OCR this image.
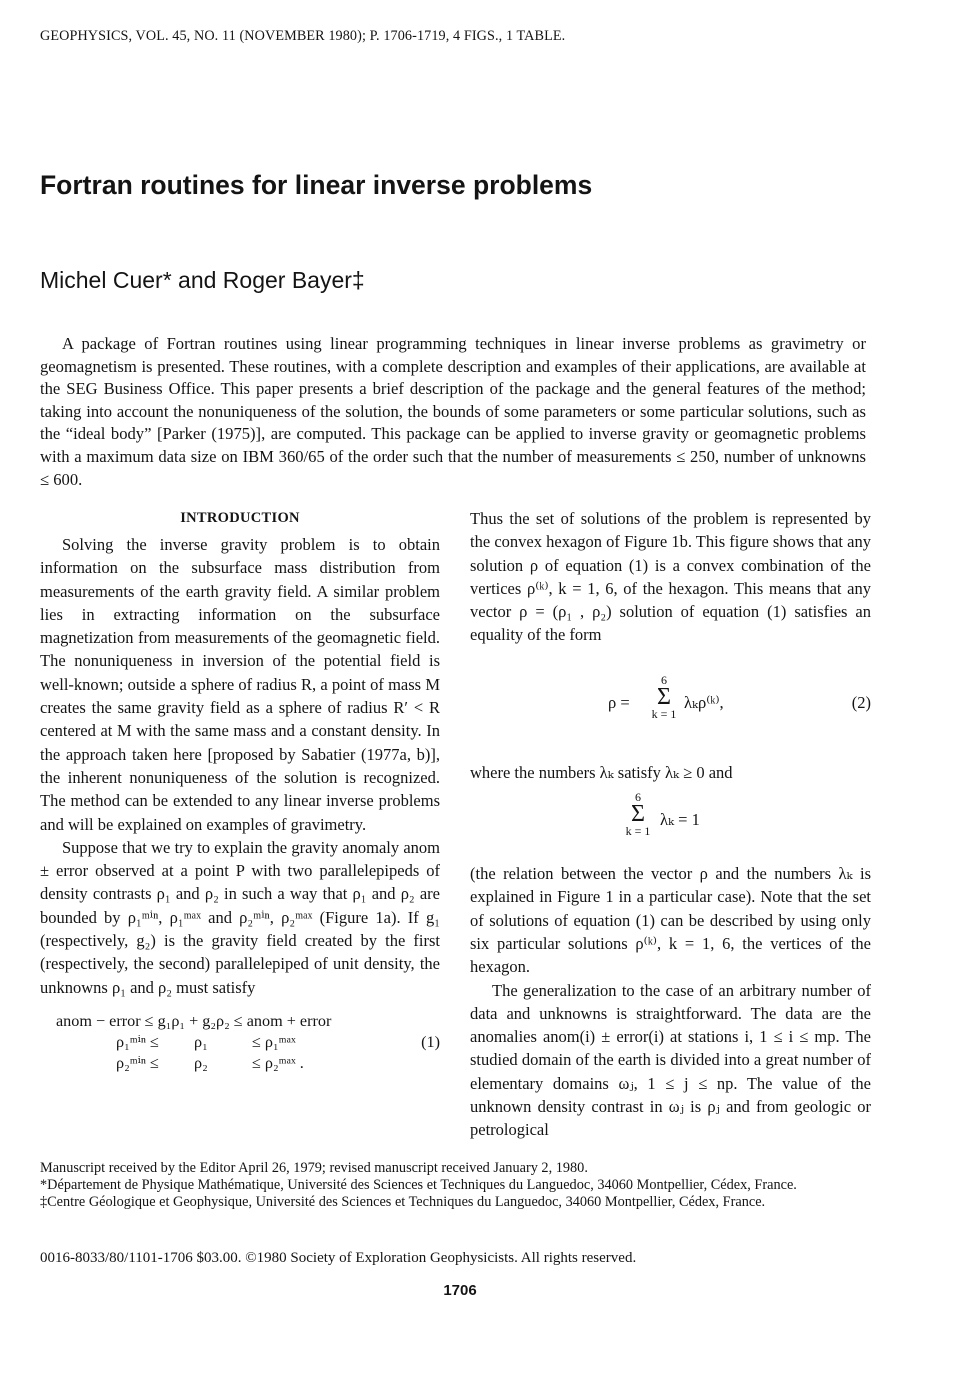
GEOPHYSICS, VOL. 45, NO. 11 (NOVEMBER 1980); P. 1706-1719, 4 FIGS., 1 TABLE.
Fortran routines for linear inverse problems
Michel Cuer* and Roger Bayer‡
A package of Fortran routines using linear programming techniques in linear inverse problems as gravimetry or geomagnetism is presented. These routines, with a complete description and examples of their applications, are available at the SEG Business Office. This paper presents a brief description of the package and the general features of the method; taking into account the nonuniqueness of the solution, the bounds of some parameters or some particular solutions, such as the “ideal body” [Parker (1975)], are computed. This package can be applied to inverse gravity or geomagnetic problems with a maximum data size on IBM 360/65 of the order such that the number of measurements ≤ 250, number of unknowns ≤ 600.
INTRODUCTION

Solving the inverse gravity problem is to obtain information on the subsurface mass distribution from measurements of the earth gravity field. A similar problem lies in extracting information on the subsurface magnetization from measurements of the geomagnetic field. The nonuniqueness in inversion of the potential field is well-known; outside a sphere of radius R, a point of mass M creates the same gravity field as a sphere of radius R′ < R centered at M with the same mass and a constant density. In the approach taken here [proposed by Sabatier (1977a, b)], the inherent nonuniqueness of the solution is recognized. The method can be extended to any linear inverse problems and will be explained on examples of gravimetry.

Suppose that we try to explain the gravity anomaly anom ± error observed at a point P with two parallelepipeds of density contrasts ρ₁ and ρ₂ in such a way that ρ₁ and ρ₂ are bounded by ρ₁ᵐⁱⁿ, ρ₁ᵐᵃˣ and ρ₂ᵐⁱⁿ, ρ₂ᵐᵃˣ (Figure 1a). If g₁ (respectively, g₂) is the gravity field created by the first (respectively, the second) parallelepiped of unit density, the unknowns ρ₁ and ρ₂ must satisfy

anom − error ≤ g₁ρ₁ + g₂ρ₂ ≤ anom + error
ρ₁ᵐⁱⁿ ≤ ρ₁	≤ ρ₁ᵐᵃˣ
ρ₂ᵐⁱⁿ ≤ ρ₂	≤ ρ₂ᵐᵃˣ .
(1)

Thus the set of solutions of the problem is represented by the convex hexagon of Figure 1b. This figure shows that any solution ρ of equation (1) is a convex combination of the vertices ρ⁽ᵏ⁾, k = 1, 6, of the hexagon. This means that any vector ρ = (ρ₁ , ρ₂) solution of equation (1) satisfies an equality of the form

ρ =
6
Σ
k = 1
λₖρ⁽ᵏ⁾,	(2)

where the numbers λₖ satisfy λₖ ≥ 0 and

6
Σ
k = 1
λₖ = 1

(the relation between the vector ρ and the numbers λₖ is explained in Figure 1 in a particular case). Note that the set of solutions of equation (1) can be described by using only six particular solutions ρ⁽ᵏ⁾, k = 1, 6, the vertices of the hexagon.

The generalization to the case of an arbitrary number of data and unknowns is straightforward. The data are the anomalies anom(i) ± error(i) at stations i, 1 ≤ i ≤ mp. The studied domain of the earth is divided into a great number of elementary domains ωⱼ, 1 ≤ j ≤ np. The value of the unknown density contrast in ωⱼ is ρⱼ and from geologic or petrological

Manuscript received by the Editor April 26, 1979; revised manuscript received January 2, 1980.

*Département de Physique Mathématique, Université des Sciences et Techniques du Languedoc, 34060 Montpellier, Cédex, France.

‡Centre Géologique et Geophysique, Université des Sciences et Techniques du Languedoc, 34060 Montpellier, Cédex, France.

0016-8033/80/1101-1706 $03.00. ©1980 Society of Exploration Geophysicists. All rights reserved.
1706
